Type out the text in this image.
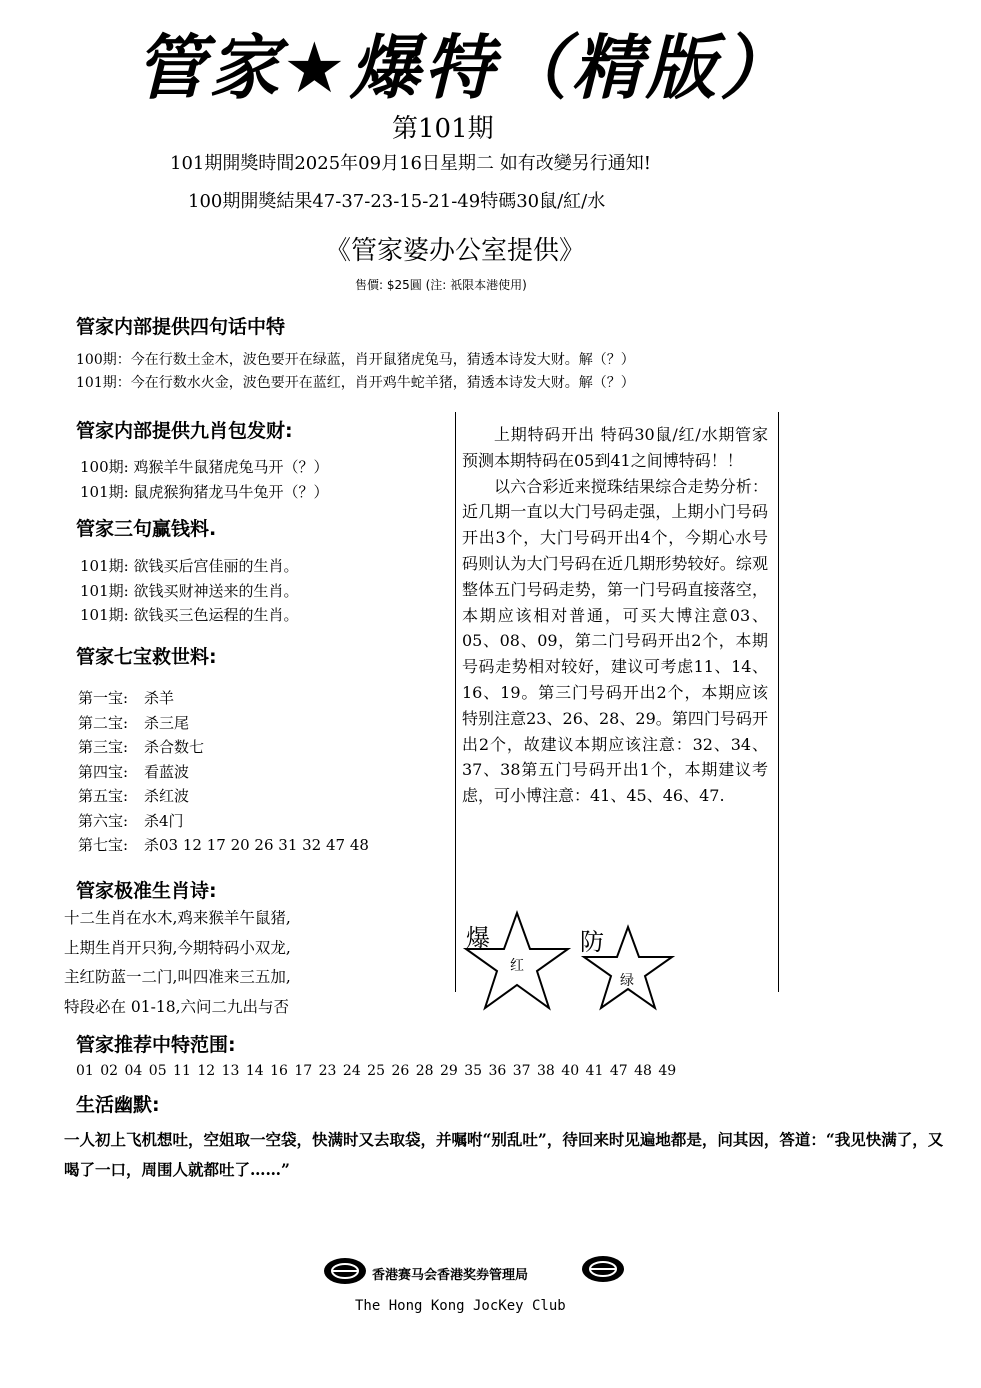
管家★爆特（精版）
第101期
101期開獎時間2025年09月16日星期二 如有改變另行通知!
100期開獎結果47-37-23-15-21-49特碼30鼠/紅/水
《管家婆办公室提供》
售價: $25圓 (注: 祇限本港使用)
管家内部提供四句话中特
100期：今在行数土金木，波色要开在绿蓝，肖开鼠猪虎兔马，猜透本诗发大财。解（？）
101期：今在行数水火金，波色要开在蓝红，肖开鸡牛蛇羊猪，猜透本诗发大财。解（？）
管家内部提供九肖包发财:
100期: 鸡猴羊牛鼠猪虎兔马开（？）
101期: 鼠虎猴狗猪龙马牛兔开（？）
管家三句赢钱料.
101期: 欲钱买后宫佳丽的生肖。
101期: 欲钱买财神送来的生肖。
101期: 欲钱买三色运程的生肖。
管家七宝救世料:
第一宝: 杀羊
第二宝: 杀三尾
第三宝: 杀合数七
第四宝: 看蓝波
第五宝: 杀红波
第六宝: 杀4门
第七宝: 杀03 12 17 20 26 31 32 47 48
管家极准生肖诗:
十二生肖在水木,鸡来猴羊午鼠猪,
上期生肖开只狗,今期特码小双龙,
主红防蓝一二门,叫四准来三五加,
特段必在 01-18,六问二九出与否

上期特码开出 特码30鼠/红/水期管家预测本期特码在05到41之间博特码！！

以六合彩近来搅珠结果综合走势分析：近几期一直以大门号码走强，上期小门号码开出3个，大门号码开出4个，今期心水号码则认为大门号码在近几期形势较好。综观整体五门号码走势，第一门号码直接落空，本期应该相对普通，可买大博注意03、05、08、09，第二门号码开出2个，本期号码走势相对较好，建议可考虑11、14、16、19。第三门号码开出2个，本期应该特别注意23、26、28、29。第四门号码开出2个，故建议本期应该注意：32、34、37、38第五门号码开出1个，本期建议考虑，可小博注意：41、45、46、47.

爆
红
防
绿
管家推荐中特范围:
01 02 04 05 11 12 13 14 16 17 23 24 25 26 28 29 35 36 37 38 40 41 47 48 49
生活幽默:
一人初上飞机想吐，空姐取一空袋，快满时又去取袋，并嘱咐“别乱吐”，待回来时见遍地都是，问其因，答道：“我见快满了，又喝了一口，周围人就都吐了……”
香港赛马会香港奖券管理局
The Hong Kong JocKey Club
